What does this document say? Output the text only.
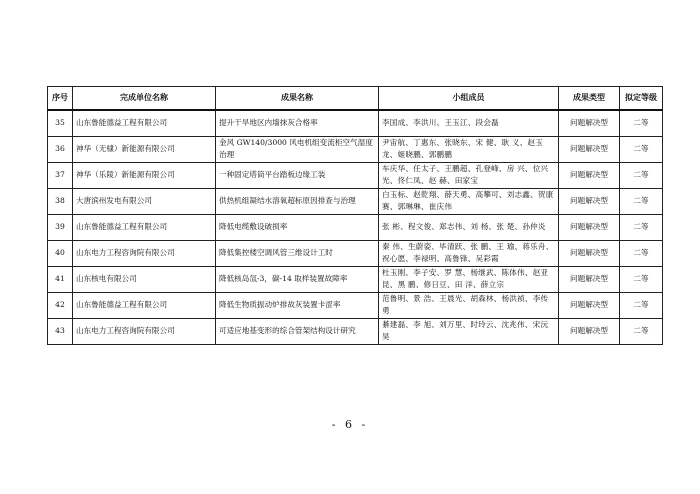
序号	完成单位名称	成果名称	小组成员	成果类型	拟定等级
35	山东鲁能德益工程有限公司	提升干旱地区内墙抹灰合格率	李国成、李洪川、王玉江、段会磊	问题解决型	二等
36	神华（无棣）新能源有限公司	金风 GW140/3000 风电机组变流柜空气湿度治理	尹宙航、丁惠东、张晓东、宋 健、耿 义、赵玉龙、姬晓鹏、郭鹏鹏	问题解决型	二等
37	神华（乐陵）新能源有限公司	一种固定塔筒平台踏板边缘工装	车庆华、任太子、王鹏超、孔登峰、房 兴、位兴光、佟仁凤、赵 赫、田家宝	问题解决型	二等
38	大唐滨州发电有限公司	供热机组凝结水溶氧超标原因排查与治理	白玉标、赵乾翔、薛天勇、高攀可、刘志鑫、贺康赛、郭琳琳、崔庆伟	问题解决型	二等
39	山东鲁能德益工程有限公司	降低电缆敷设破损率	张 彬、程文俊、郑志伟、刘 杨、张 楚、孙仲炎	问题解决型	二等
40	山东电力工程咨询院有限公司	降低集控楼空调风管三维设计工时	秦 伟、生蔚姿、毕清跃、张 鹏、王 瑜、蒋乐舟、祝心愿、李禄明、高鲁锋、吴彩霞	问题解决型	二等
41	山东核电有限公司	降低核岛氙-3，碳-14 取样装置故障率	杜玉刚、李子安、罗 慧、杨继武、陈体伟、赵亚昆、黑 鹏、修日豆、田 洋、薛立宗	问题解决型	二等
42	山东鲁能德益工程有限公司	降低生物质振动炉排故灰装置卡涩率	范鲁明、景 浩、王晨光、胡森林、杨洪祯、李传勇	问题解决型	二等
43	山东电力工程咨询院有限公司	可适应地基变形的综合管架结构设计研究	綦建磊、李 旭、刘万里、时玲云、沈兆伟、宋沅昊	问题解决型	二等
- 6 -
